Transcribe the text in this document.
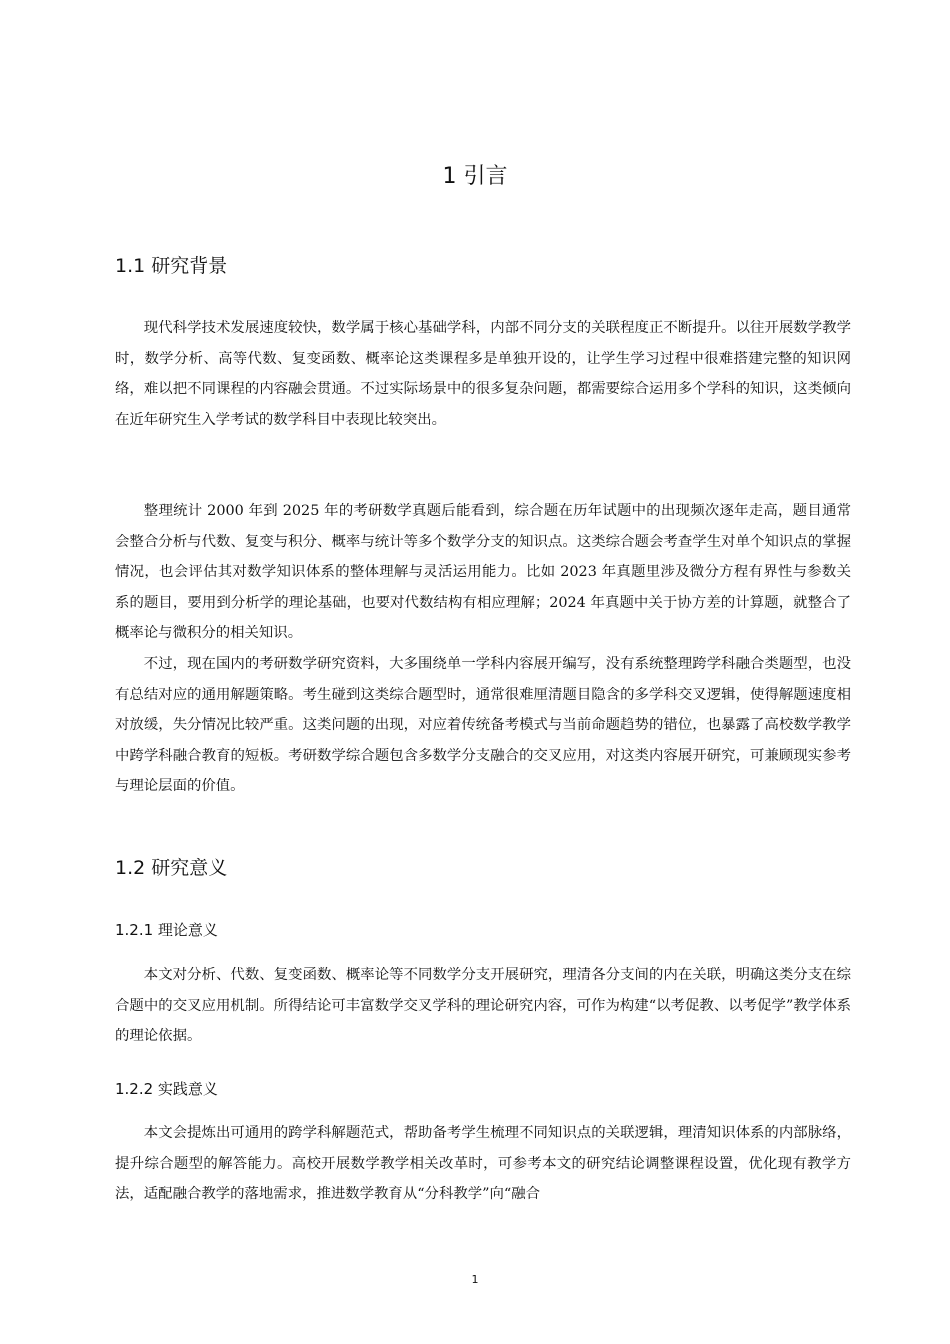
1 引言
1.1 研究背景

现代科学技术发展速度较快，数学属于核心基础学科，内部不同分支的关联程度正不断提升。以往开展数学教学时，数学分析、高等代数、复变函数、概率论这类课程多是单独开设的，让学生学习过程中很难搭建完整的知识网络，难以把不同课程的内容融会贯通。不过实际场景中的很多复杂问题，都需要综合运用多个学科的知识，这类倾向在近年研究生入学考试的数学科目中表现比较突出。

整理统计 2000 年到 2025 年的考研数学真题后能看到，综合题在历年试题中的出现频次逐年走高，题目通常会整合分析与代数、复变与积分、概率与统计等多个数学分支的知识点。这类综合题会考查学生对单个知识点的掌握情况，也会评估其对数学知识体系的整体理解与灵活运用能力。比如 2023 年真题里涉及微分方程有界性与参数关系的题目，要用到分析学的理论基础，也要对代数结构有相应理解；2024 年真题中关于协方差的计算题，就整合了概率论与微积分的相关知识。

不过，现在国内的考研数学研究资料，大多围绕单一学科内容展开编写，没有系统整理跨学科融合类题型，也没有总结对应的通用解题策略。考生碰到这类综合题型时，通常很难厘清题目隐含的多学科交叉逻辑，使得解题速度相对放缓，失分情况比较严重。这类问题的出现，对应着传统备考模式与当前命题趋势的错位，也暴露了高校数学教学中跨学科融合教育的短板。考研数学综合题包含多数学分支融合的交叉应用，对这类内容展开研究，可兼顾现实参考与理论层面的价值。

1.2 研究意义
1.2.1 理论意义

本文对分析、代数、复变函数、概率论等不同数学分支开展研究，理清各分支间的内在关联，明确这类分支在综合题中的交叉应用机制。所得结论可丰富数学交叉学科的理论研究内容，可作为构建“以考促教、以考促学”教学体系的理论依据。

1.2.2 实践意义

本文会提炼出可通用的跨学科解题范式，帮助备考学生梳理不同知识点的关联逻辑，理清知识体系的内部脉络，提升综合题型的解答能力。高校开展数学教学相关改革时，可参考本文的研究结论调整课程设置，优化现有教学方法，适配融合教学的落地需求，推进数学教育从“分科教学”向“融合

1
